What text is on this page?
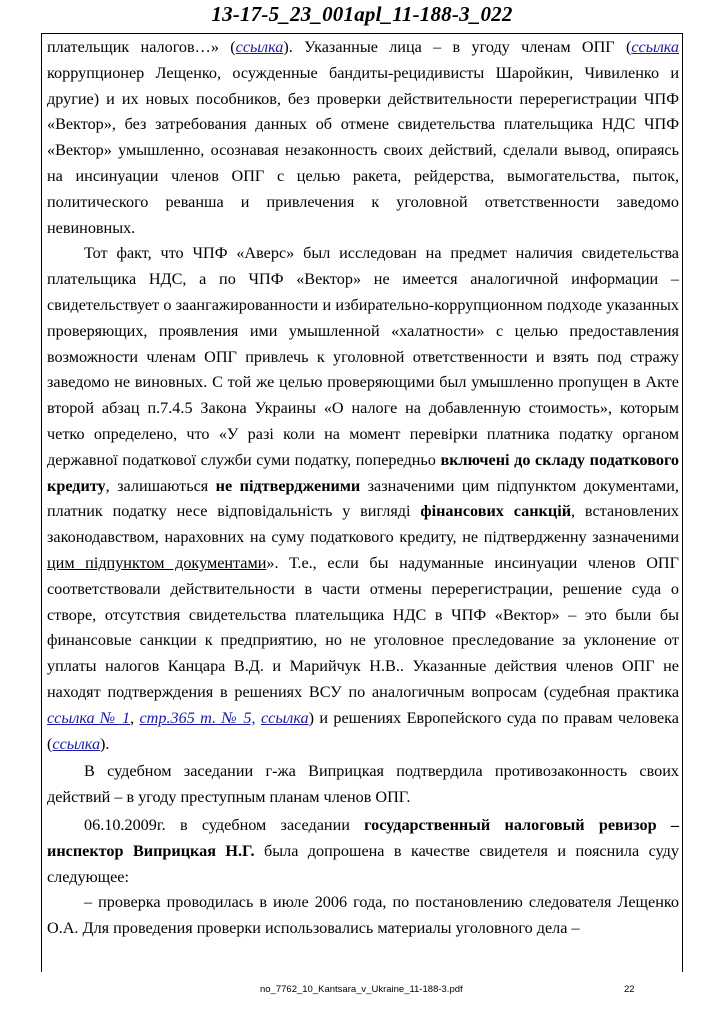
13-17-5_23_001apl_11-188-3_022

плательщик налогов…» (ссылка). Указанные лица – в угоду членам ОПГ (ссылка коррупционер Лещенко, осужденные бандиты-рецидивисты Шаройкин, Чивиленко и другие) и их новых пособников, без проверки действительности перерегистрации ЧПФ «Вектор», без затребования данных об отмене свидетельства плательщика НДС ЧПФ «Вектор» умышленно, осознавая незаконность своих действий, сделали вывод, опираясь на инсинуации членов ОПГ с целью ракета, рейдерства, вымогательства, пыток, политического реванша и привлечения к уголовной ответственности заведомо невиновных.

Тот факт, что ЧПФ «Аверс» был исследован на предмет наличия свидетельства плательщика НДС, а по ЧПФ «Вектор» не имеется аналогичной информации – свидетельствует о заангажированности и избирательно-коррупционном подходе указанных проверяющих, проявления ими умышленной «халатности» с целью предоставления возможности членам ОПГ привлечь к уголовной ответственности и взять под стражу заведомо не виновных. С той же целью проверяющими был умышленно пропущен в Акте второй абзац п.7.4.5 Закона Украины «О налоге на добавленную стоимость», которым четко определено, что «У разі коли на момент перевірки платника податку органом державної податкової служби суми податку, попередньо включені до складу податкового кредиту, залишаються не підтвердженими зазначеними цим підпунктом документами, платник податку несе відповідальність у вигляді фінансових санкцій, встановлених законодавством, нараховних на суму податкового кредиту, не підтвердженну зазначеними цим підпунктом документами». Т.е., если бы надуманные инсинуации членов ОПГ соответствовали действительности в части отмены перерегистрации, решение суда о створе, отсутствия свидетельства плательщика НДС в ЧПФ «Вектор» – это были бы финансовые санкции к предприятию, но не уголовное преследование за уклонение от уплаты налогов Канцара В.Д. и Марийчук Н.В.. Указанные действия членов ОПГ не находят подтверждения в решениях ВСУ по аналогичным вопросам (судебная практика ссылка № 1, стр.365 т. № 5, ссылка) и решениях Европейского суда по правам человека (ссылка).

В судебном заседании г-жа Виприцкая подтвердила противозаконность своих действий – в угоду преступным планам членов ОПГ.

06.10.2009г. в судебном заседании государственный налоговый ревизор – инспектор Виприцкая Н.Г. была допрошена в качестве свидетеля и пояснила суду следующее:

– проверка проводилась в июле 2006 года, по постановлению следователя Лещенко О.А. Для проведения проверки использовались материалы уголовного дела –

no_7762_10_Kantsara_v_Ukraine_11-188-3.pdf	22
